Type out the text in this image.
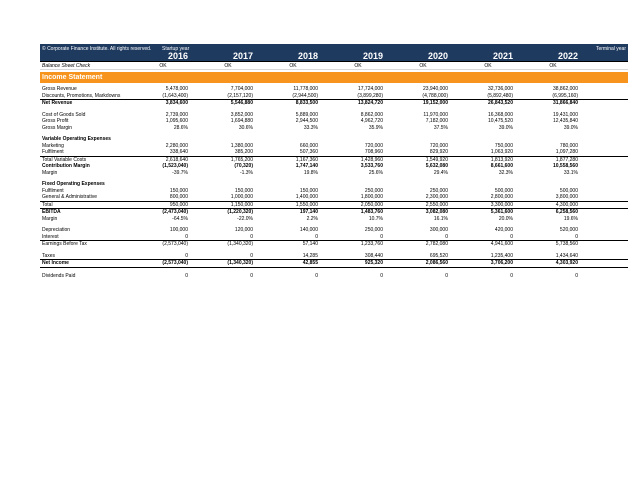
© Corporate Finance Institute. All rights reserved. Startup year	Terminal year
2016	2017	2018	2019	2020	2021	2022
Balance Sheet Check	OK	OK	OK	OK	OK	OK	OK
Income Statement
Gross Revenue	5,478,000	7,704,000	11,778,000	17,724,000	23,940,000	32,736,000	38,862,000
Discounts, Promotions, Markdowns	(1,643,400)	(2,157,120)	(2,944,500)	(3,899,280)	(4,788,000)	(5,892,480)	(6,995,160)
Net Revenue	3,834,600	5,546,880	8,833,500	13,824,720	19,152,000	26,843,520	31,866,840
Cost of Goods Sold	2,739,000	3,852,000	5,889,000	8,862,000	11,970,000	16,368,000	19,431,000
Gross Profit	1,095,600	1,694,880	2,944,500	4,962,720	7,182,000	10,475,520	12,435,840
Gross Margin	28.6%	30.6%	33.3%	35.9%	37.5%	39.0%	39.0%
Variable Operating Expenses
Marketing	2,280,000	1,380,000	660,000	720,000	720,000	750,000	780,000
Fulfilment	338,640	385,200	507,360	708,960	829,920	1,063,920	1,097,280
Total Variable Costs	2,618,640	1,765,200	1,167,360	1,428,960	1,549,920	1,813,920	1,877,280
Contribution Margin	(1,523,040)	(70,320)	1,747,140	3,533,760	5,632,080	8,661,600	10,558,560
Margin	-39.7%	-1.3%	19.8%	25.6%	29.4%	32.3%	33.1%
Fixed Operating Expenses
Fulfilment	150,000	150,000	150,000	250,000	250,000	500,000	500,000
General & Administrative	800,000	1,000,000	1,400,000	1,800,000	2,300,000	2,800,000	3,800,000
Total	950,000	1,150,000	1,550,000	2,050,000	2,550,000	3,300,000	4,300,000
EBITDA	(2,473,040)	(1,220,320)	197,140	1,483,760	3,082,080	5,361,600	6,258,560
Margin	-64.5%	-22.0%	2.2%	10.7%	16.1%	20.0%	19.6%
Depreciation	100,000	120,000	140,000	250,000	300,000	420,000	520,000
Interest	0	0	0	0	0	0	0
Earnings Before Tax	(2,573,040)	(1,340,320)	57,140	1,233,760	2,782,080	4,941,600	5,738,560
Taxes	0	0	14,285	308,440	695,520	1,235,400	1,434,640
Net Income	(2,573,040)	(1,340,320)	42,855	925,320	2,086,560	3,706,200	4,303,920
Dividends Paid	0	0	0	0	0	0	0
